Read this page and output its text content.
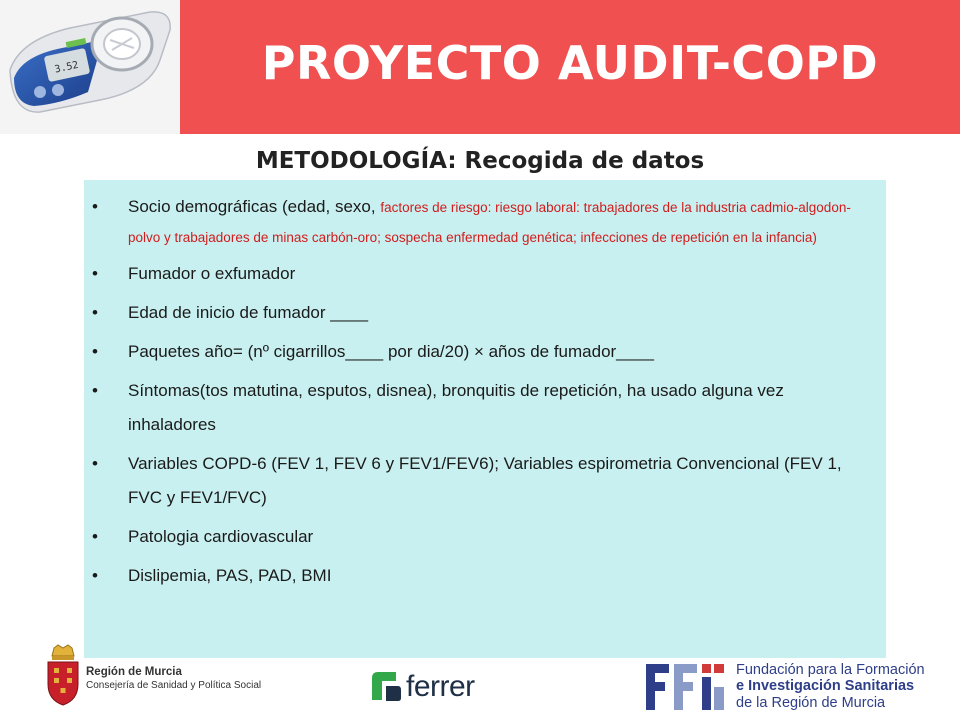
3.52	PROYECTO AUDIT-COPD
METODOLOGÍA: Recogida de datos
• Socio demográficas (edad, sexo, factores de riesgo: riesgo laboral: trabajadores de la industria cadmio-algodon-polvo y trabajadores de minas carbón-oro; sospecha enfermedad genética; infecciones de repetición en la infancia)
• Fumador o exfumador
• Edad de inicio de fumador ____
• Paquetes año= (nº cigarrillos____ por dia/20) × años de fumador____
• Síntomas(tos matutina, esputos, disnea), bronquitis de repetición, ha usado alguna vez inhaladores
• Variables COPD-6 (FEV 1, FEV 6 y FEV1/FEV6); Variables espirometria Convencional (FEV 1, FVC y FEV1/FVC)
• Patologia cardiovascular
• Dislipemia, PAS, PAD, BMI
Región de Murcia
Consejería de Sanidad y Política Social	ferrer	Fundación para la Formación
e Investigación Sanitarias
de la Región de Murcia
